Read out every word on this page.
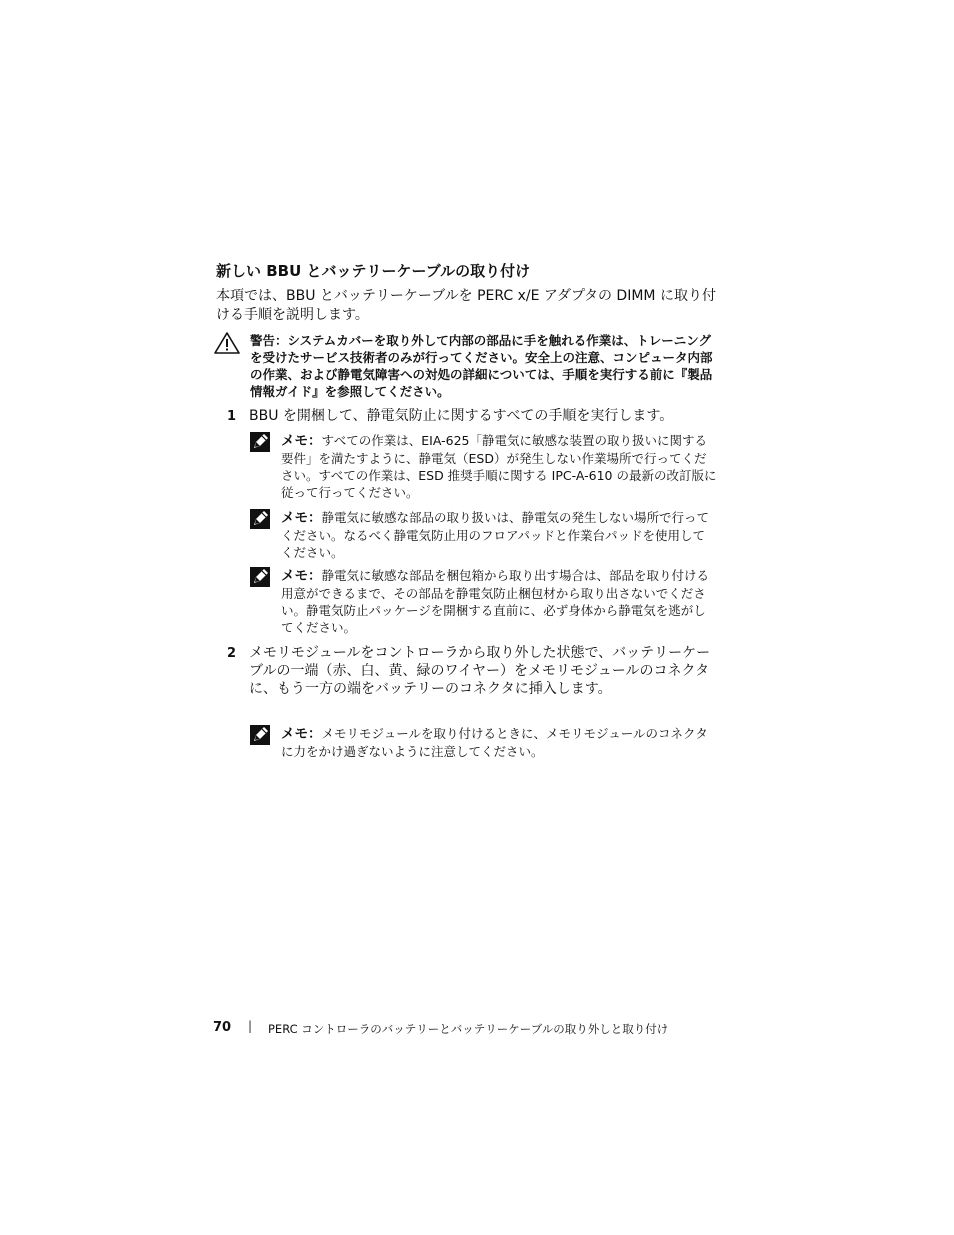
新しい BBU とバッテリーケーブルの取り付け
本項では、BBU とバッテリーケーブルを PERC x/E アダプタの DIMM に取り付ける手順を説明します。
警告：システムカバーを取り外して内部の部品に手を触れる作業は、トレーニングを受けたサービス技術者のみが行ってください。安全上の注意、コンピュータ内部の作業、および静電気障害への対処の詳細については、手順を実行する前に『製品情報ガイド』を参照してください。
1 BBU を開梱して、静電気防止に関するすべての手順を実行します。
メモ：すべての作業は、EIA-625「静電気に敏感な装置の取り扱いに関する要件」を満たすように、静電気（ESD）が発生しない作業場所で行ってください。すべての作業は、ESD 推奨手順に関する IPC-A-610 の最新の改訂版に従って行ってください。
メモ：静電気に敏感な部品の取り扱いは、静電気の発生しない場所で行ってください。なるべく静電気防止用のフロアパッドと作業台パッドを使用してください。
メモ：静電気に敏感な部品を梱包箱から取り出す場合は、部品を取り付ける用意ができるまで、その部品を静電気防止梱包材から取り出さないでください。静電気防止パッケージを開梱する直前に、必ず身体から静電気を逃がしてください。
2 メモリモジュールをコントローラから取り外した状態で、バッテリーケーブルの一端（赤、白、黄、緑のワイヤー）をメモリモジュールのコネクタに、もう一方の端をバッテリーのコネクタに挿入します。
メモ：メモリモジュールを取り付けるときに、メモリモジュールのコネクタに力をかけ過ぎないように注意してください。
70 | PERC コントローラのバッテリーとバッテリーケーブルの取り外しと取り付け
